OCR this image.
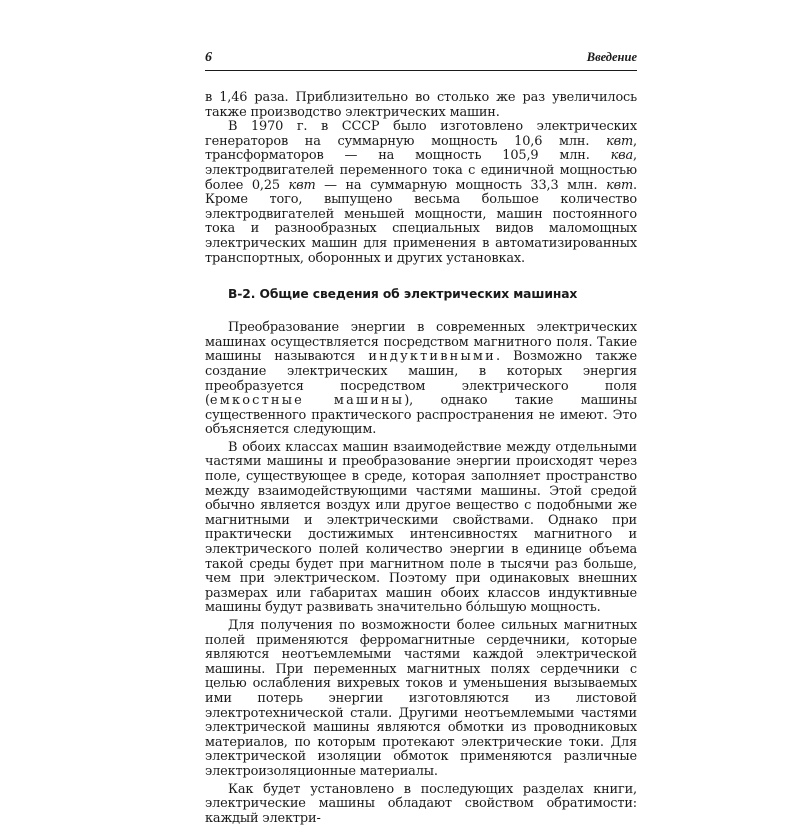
6	Введение

в 1,46 раза. Приблизительно во столько же раз увеличилось также производство электрических машин.

В 1970 г. в СССР было изготовлено электрических генераторов на суммарную мощность 10,6 млн. квт, трансформаторов — на мощность 105,9 млн. ква, электродвигателей переменного тока с единичной мощностью более 0,25 квт — на суммарную мощность 33,3 млн. квт. Кроме того, выпущено весьма большое количество электродвигателей меньшей мощности, машин постоянного тока и разнообразных специальных видов маломощных электрических машин для применения в автоматизированных транспортных, оборонных и других установках.

В-2. Общие сведения об электрических машинах

Преобразование энергии в современных электрических машинах осуществляется посредством магнитного поля. Такие машины называются индуктивными. Возможно также создание электрических машин, в которых энергия преобразуется посредством электрического поля (емкостные машины), однако такие машины существенного практического распространения не имеют. Это объясняется следующим.

В обоих классах машин взаимодействие между отдельными частями машины и преобразование энергии происходят через поле, существующее в среде, которая заполняет пространство между взаимодействующими частями машины. Этой средой обычно является воздух или другое вещество с подобными же магнитными и электрическими свойствами. Однако при практически достижимых интенсивностях магнитного и электрического полей количество энергии в единице объема такой среды будет при магнитном поле в тысячи раз больше, чем при электрическом. Поэтому при одинаковых внешних размерах или габаритах машин обоих классов индуктивные машины будут развивать значительно бо́льшую мощность.

Для получения по возможности более сильных магнитных полей применяются ферромагнитные сердечники, которые являются неотъемлемыми частями каждой электрической машины. При переменных магнитных полях сердечники с целью ослабления вихревых токов и уменьшения вызываемых ими потерь энергии изготовляются из листовой электротехнической стали. Другими неотъемлемыми частями электрической машины являются обмотки из проводниковых материалов, по которым протекают электрические токи. Для электрической изоляции обмоток применяются различные электроизоляционные материалы.

Как будет установлено в последующих разделах книги, электрические машины обладают свойством обратимости: каждый электри-
